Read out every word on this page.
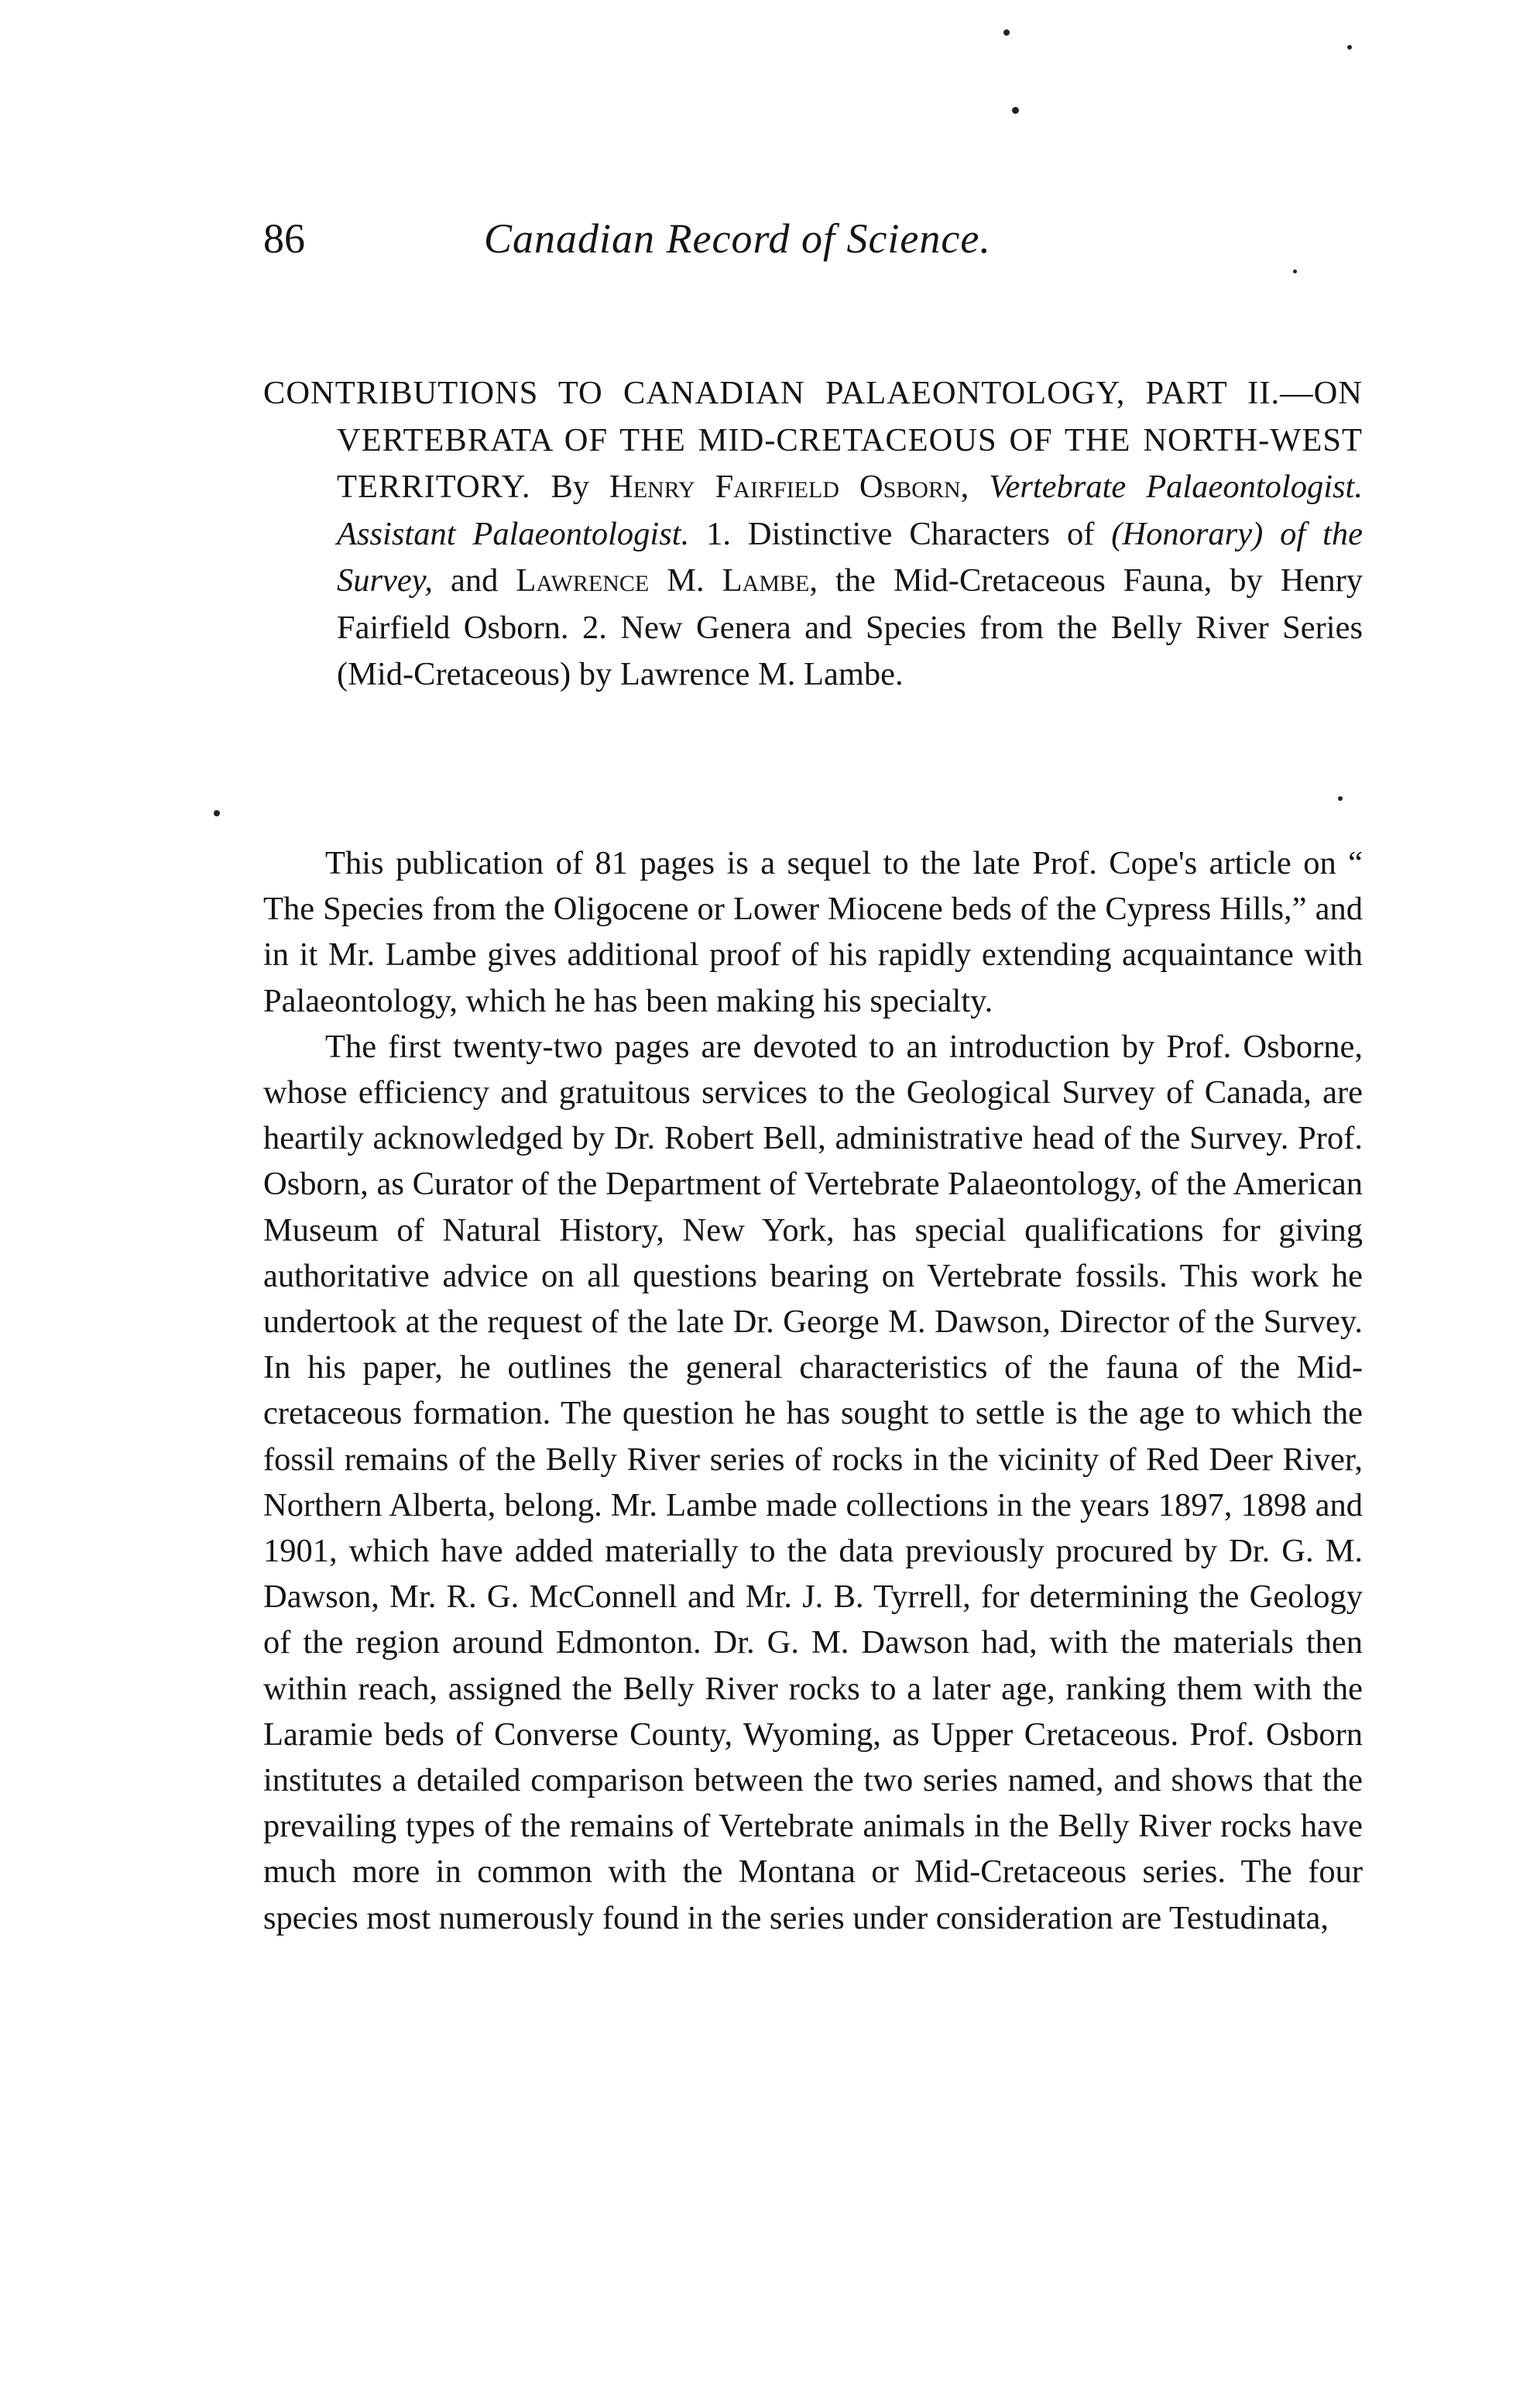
86	Canadian Record of Science.
CONTRIBUTIONS TO CANADIAN PALAEONTOLOGY, PART II.—ON VERTEBRATA OF THE MID-CRETACEOUS OF THE NORTH-WEST TERRITORY. By Henry Fairfield Osborn, Vertebrate Palaeontologist. Assistant Palaeontologist. 1. Distinctive Characters of (Honorary) of the Survey, and Lawrence M. Lambe, the Mid-Cretaceous Fauna, by Henry Fairfield Osborn. 2. New Genera and Species from the Belly River Series (Mid-Cretaceous) by Lawrence M. Lambe.

This publication of 81 pages is a sequel to the late Prof. Cope's article on “ The Species from the Oligocene or Lower Miocene beds of the Cypress Hills,” and in it Mr. Lambe gives additional proof of his rapidly extending acquaintance with Palaeontology, which he has been making his specialty.

The first twenty-two pages are devoted to an introduction by Prof. Osborne, whose efficiency and gratuitous services to the Geological Survey of Canada, are heartily acknowledged by Dr. Robert Bell, administrative head of the Survey. Prof. Osborn, as Curator of the Department of Vertebrate Palaeontology, of the American Museum of Natural History, New York, has special qualifications for giving authoritative advice on all questions bearing on Vertebrate fossils. This work he undertook at the request of the late Dr. George M. Dawson, Director of the Survey. In his paper, he outlines the general characteristics of the fauna of the Mid-cretaceous formation. The question he has sought to settle is the age to which the fossil remains of the Belly River series of rocks in the vicinity of Red Deer River, Northern Alberta, belong. Mr. Lambe made collections in the years 1897, 1898 and 1901, which have added materially to the data previously procured by Dr. G. M. Dawson, Mr. R. G. McConnell and Mr. J. B. Tyrrell, for determining the Geology of the region around Edmonton. Dr. G. M. Dawson had, with the materials then within reach, assigned the Belly River rocks to a later age, ranking them with the Laramie beds of Converse County, Wyoming, as Upper Cretaceous. Prof. Osborn institutes a detailed comparison between the two series named, and shows that the prevailing types of the remains of Vertebrate animals in the Belly River rocks have much more in common with the Montana or Mid-Cretaceous series. The four species most numerously found in the series under consideration are Testudinata,
